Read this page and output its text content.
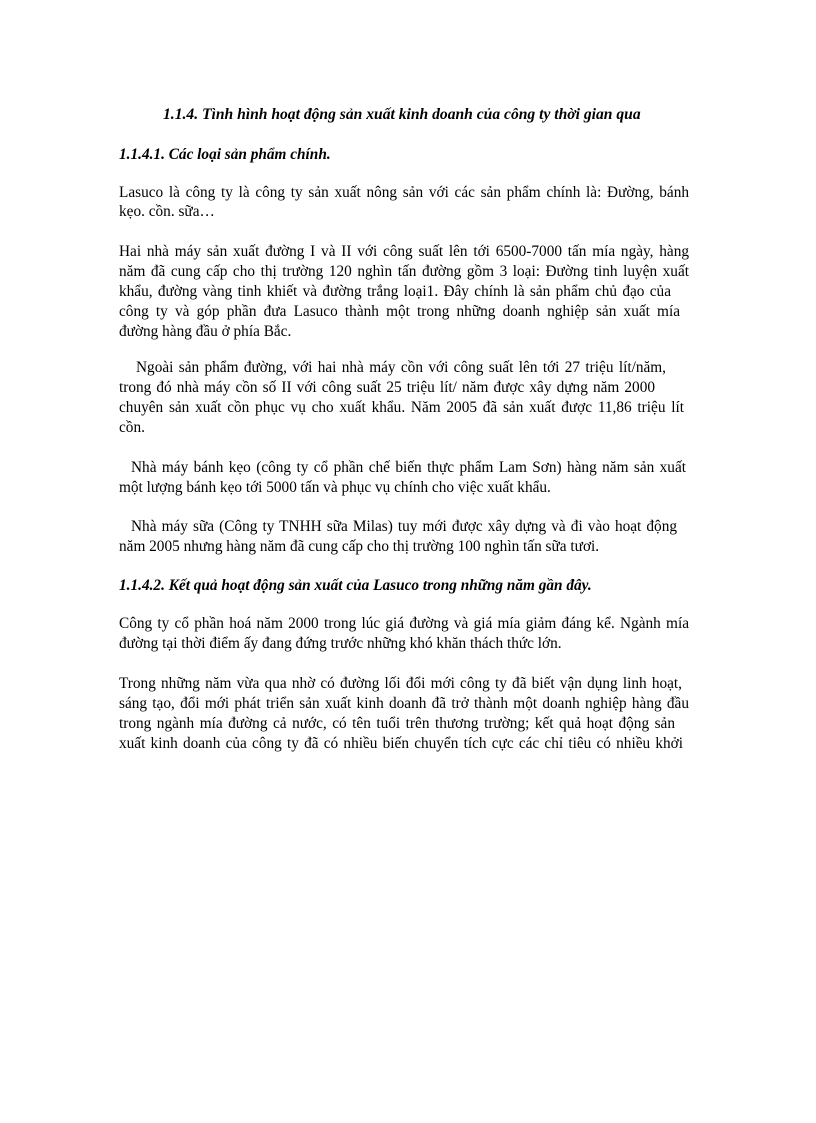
1.1.4. Tình hình hoạt động sản xuất kinh doanh của công ty thời gian qua
1.1.4.1. Các loại sản phẩm chính.
Lasuco là công ty là công ty sản xuất nông sản với các sản phẩm chính là: Đường, bánh
kẹo. cồn. sữa…
Hai nhà máy sản xuất đường I và II với công suất lên tới 6500-7000 tấn mía ngày, hàng
năm đã cung cấp cho thị trường 120 nghìn tấn đường gồm 3 loại: Đường tinh luyện xuất
khẩu, đường vàng tinh khiết và đường trắng loại1. Đây chính là sản phẩm chủ đạo của
công ty và góp phần đưa Lasuco thành một trong những doanh nghiệp sản xuất mía
đường hàng đầu ở phía Bắc.
Ngoài sản phẩm đường, với hai nhà máy cồn với công suất lên tới 27 triệu lít/năm,
trong đó nhà máy cồn số II với công suất 25 triệu lít/ năm được xây dựng năm 2000
chuyên sản xuất cồn phục vụ cho xuất khẩu. Năm 2005 đã sản xuất được 11,86 triệu lít
cồn.
Nhà máy bánh kẹo (công ty cổ phần chế biến thực phẩm Lam Sơn) hàng năm sản xuất
một lượng bánh kẹo tới 5000 tấn và phục vụ chính cho việc xuất khẩu.
Nhà máy sữa (Công ty TNHH sữa Milas) tuy mới được xây dựng và đi vào hoạt động
năm 2005 nhưng hàng năm đã cung cấp cho thị trường 100 nghìn tấn sữa tươi.
1.1.4.2. Kết quả hoạt động sản xuất của Lasuco trong những năm gần đây.
Công ty cổ phần hoá năm 2000 trong lúc giá đường và giá mía giảm đáng kể. Ngành mía
đường tại thời điểm ấy đang đứng trước những khó khăn thách thức lớn.
Trong những năm vừa qua nhờ có đường lối đổi mới công ty đã biết vận dụng linh hoạt,
sáng tạo, đổi mới phát triển sản xuất kinh doanh đã trở thành một doanh nghiệp hàng đầu
trong ngành mía đường cả nước, có tên tuổi trên thương trường; kết quả hoạt động sản
xuất kinh doanh của công ty đã có nhiều biến chuyển tích cực các chỉ tiêu có nhiều khởi
